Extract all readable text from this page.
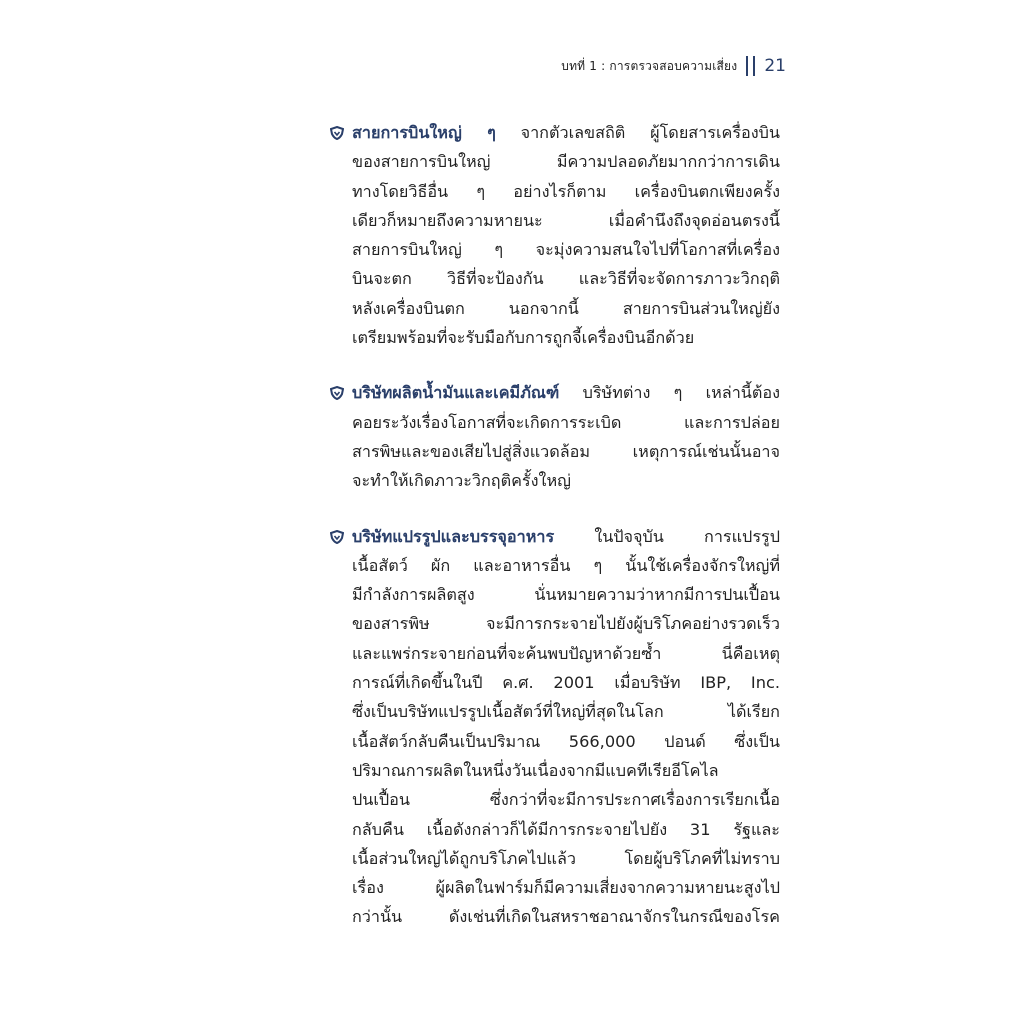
บทที่ 1 : การตรวจสอบความเสี่ยง 21
สายการบินใหญ่ ๆ จากตัวเลขสถิติ ผู้โดยสารเครื่องบิน
ของสายการบินใหญ่ มีความปลอดภัยมากกว่าการเดิน
ทางโดยวิธีอื่น ๆ อย่างไรก็ตาม เครื่องบินตกเพียงครั้ง
เดียวก็หมายถึงความหายนะ เมื่อคำนึงถึงจุดอ่อนตรงนี้
สายการบินใหญ่ ๆ จะมุ่งความสนใจไปที่โอกาสที่เครื่อง
บินจะตก วิธีที่จะป้องกัน และวิธีที่จะจัดการภาวะวิกฤติ
หลังเครื่องบินตก นอกจากนี้ สายการบินส่วนใหญ่ยัง
เตรียมพร้อมที่จะรับมือกับการถูกจี้เครื่องบินอีกด้วย
บริษัทผลิตน้ำมันและเคมีภัณฑ์ บริษัทต่าง ๆ เหล่านี้ต้อง
คอยระวังเรื่องโอกาสที่จะเกิดการระเบิด และการปล่อย
สารพิษและของเสียไปสู่สิ่งแวดล้อม เหตุการณ์เช่นนั้นอาจ
จะทำให้เกิดภาวะวิกฤติครั้งใหญ่
บริษัทแปรรูปและบรรจุอาหาร ในปัจจุบัน การแปรรูป
เนื้อสัตว์ ผัก และอาหารอื่น ๆ นั้นใช้เครื่องจักรใหญ่ที่
มีกำลังการผลิตสูง นั่นหมายความว่าหากมีการปนเปื้อน
ของสารพิษ จะมีการกระจายไปยังผู้บริโภคอย่างรวดเร็ว
และแพร่กระจายก่อนที่จะค้นพบปัญหาด้วยซ้ำ นี่คือเหตุ
การณ์ที่เกิดขึ้นในปี ค.ศ. 2001 เมื่อบริษัท IBP, Inc.
ซึ่งเป็นบริษัทแปรรูปเนื้อสัตว์ที่ใหญ่ที่สุดในโลก ได้เรียก
เนื้อสัตว์กลับคืนเป็นปริมาณ 566,000 ปอนด์ ซึ่งเป็น
ปริมาณการผลิตในหนึ่งวันเนื่องจากมีแบคทีเรียอีโคไล
ปนเปื้อน ซึ่งกว่าที่จะมีการประกาศเรื่องการเรียกเนื้อ
กลับคืน เนื้อดังกล่าวก็ได้มีการกระจายไปยัง 31 รัฐและ
เนื้อส่วนใหญ่ได้ถูกบริโภคไปแล้ว โดยผู้บริโภคที่ไม่ทราบ
เรื่อง ผู้ผลิตในฟาร์มก็มีความเสี่ยงจากความหายนะสูงไป
กว่านั้น ดังเช่นที่เกิดในสหราชอาณาจักรในกรณีของโรค
